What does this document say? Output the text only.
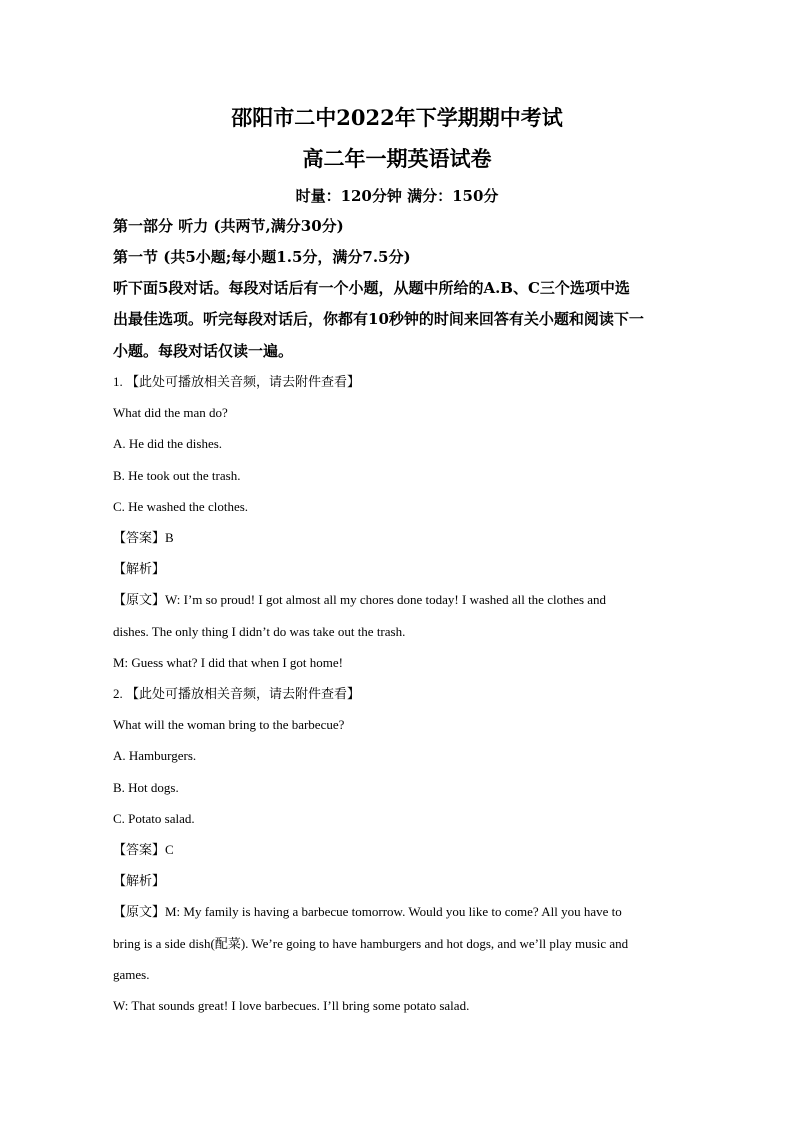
邵阳市二中2022年下学期期中考试
高二年一期英语试卷
时量：120分钟 满分：150分
第一部分 听力 (共两节,满分30分)
第一节 (共5小题;每小题1.5分，满分7.5分)
听下面5段对话。每段对话后有一个小题，从题中所给的A.B、C三个选项中选
出最佳选项。听完每段对话后，你都有10秒钟的时间来回答有关小题和阅读下一
小题。每段对话仅读一遍。
1. 【此处可播放相关音频，请去附件查看】
What did the man do?
A. He did the dishes.
B. He took out the trash.
C. He washed the clothes.
【答案】B
【解析】
【原文】W: I’m so proud! I got almost all my chores done today! I washed all the clothes and
dishes. The only thing I didn’t do was take out the trash.
M: Guess what? I did that when I got home!
2. 【此处可播放相关音频，请去附件查看】
What will the woman bring to the barbecue?
A. Hamburgers.
B. Hot dogs.
C. Potato salad.
【答案】C
【解析】
【原文】M: My family is having a barbecue tomorrow. Would you like to come? All you have to
bring is a side dish(配菜). We’re going to have hamburgers and hot dogs, and we’ll play music and
games.
W: That sounds great! I love barbecues. I’ll bring some potato salad.
